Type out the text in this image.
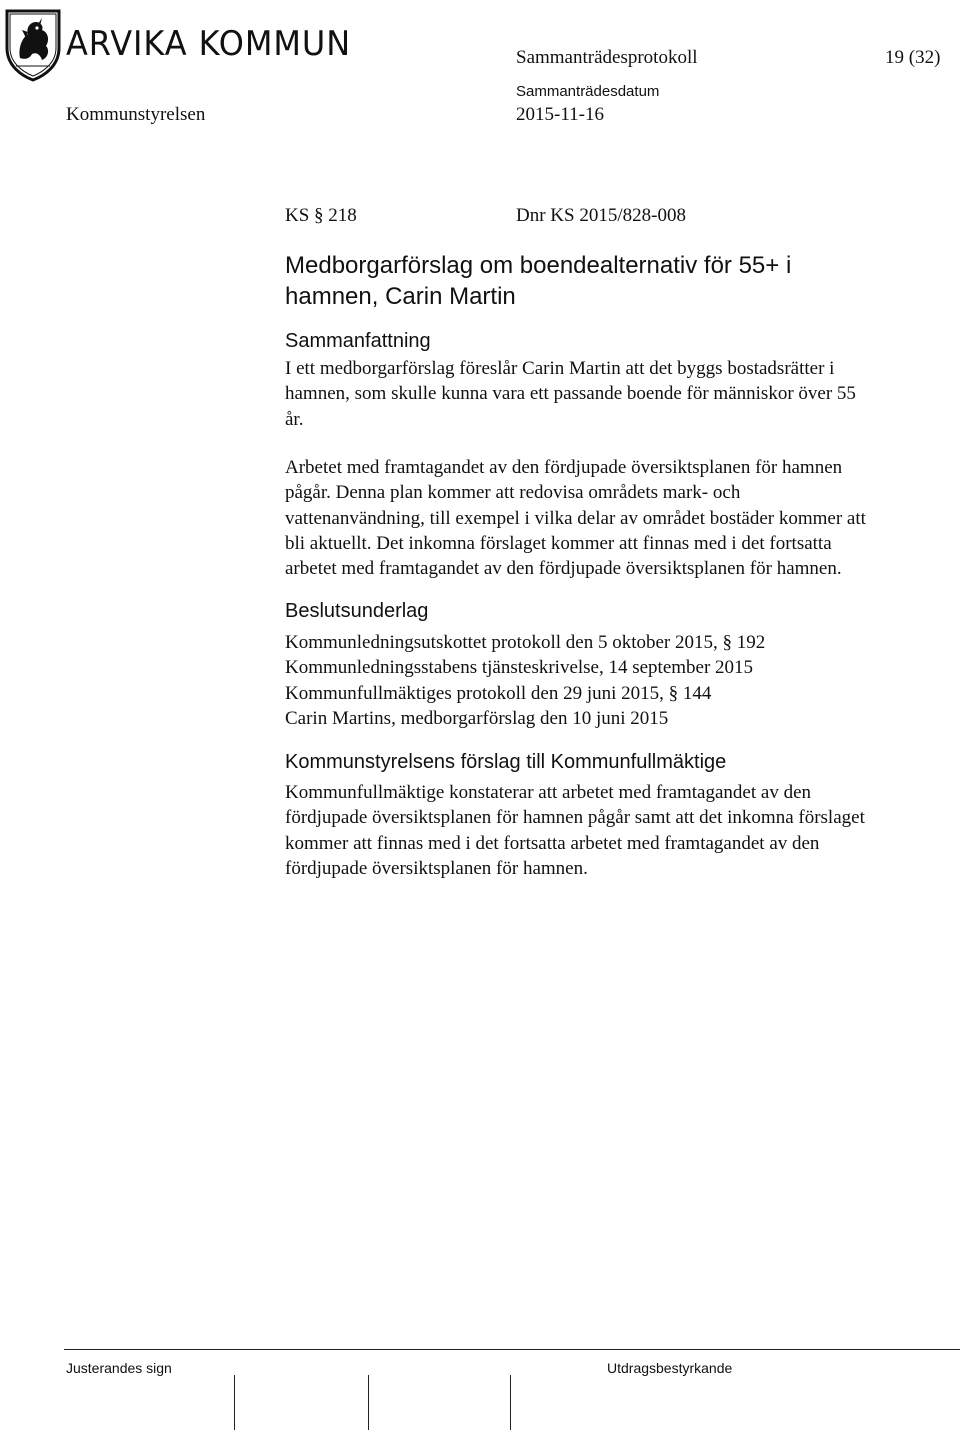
ARVIKA KOMMUN	Sammanträdesprotokoll	19 (32)
Sammanträdesdatum
Kommunstyrelsen	2015-11-16
KS § 218	Dnr KS 2015/828-008
Medborgarförslag om boendealternativ för 55+ i
hamnen, Carin Martin
Sammanfattning
I ett medborgarförslag föreslår Carin Martin att det byggs bostadsrätter i
hamnen, som skulle kunna vara ett passande boende för människor över 55
år.
Arbetet med framtagandet av den fördjupade översiktsplanen för hamnen
pågår. Denna plan kommer att redovisa områdets mark- och
vattenanvändning, till exempel i vilka delar av området bostäder kommer att
bli aktuellt. Det inkomna förslaget kommer att finnas med i det fortsatta
arbetet med framtagandet av den fördjupade översiktsplanen för hamnen.
Beslutsunderlag
Kommunledningsutskottet protokoll den 5 oktober 2015, § 192
Kommunledningsstabens tjänsteskrivelse, 14 september 2015
Kommunfullmäktiges protokoll den 29 juni 2015, § 144
Carin Martins, medborgarförslag den 10 juni 2015
Kommunstyrelsens förslag till Kommunfullmäktige
Kommunfullmäktige konstaterar att arbetet med framtagandet av den
fördjupade översiktsplanen för hamnen pågår samt att det inkomna förslaget
kommer att finnas med i det fortsatta arbetet med framtagandet av den
fördjupade översiktsplanen för hamnen.
Justerandes sign	Utdragsbestyrkande
